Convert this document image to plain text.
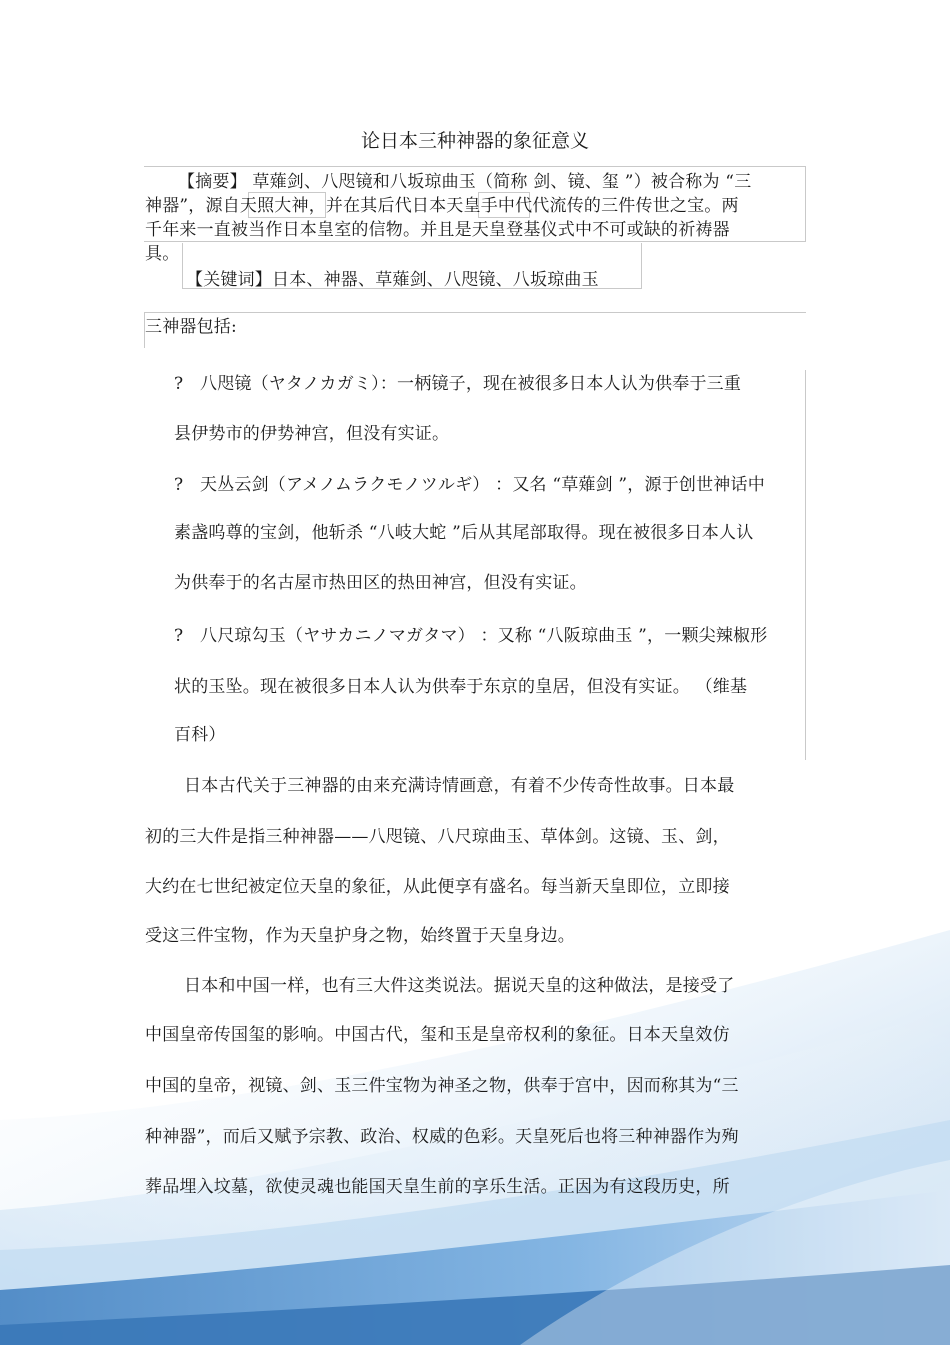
论日本三种神器的象征意义
【摘要】 草薙剑、八咫镜和八坂琼曲玉（简称 剑、镜、玺 ”）被合称为 “三
神器”，源自天照大神，并在其后代日本天皇手中代代流传的三件传世之宝。两
千年来一直被当作日本皇室的信物。并且是天皇登基仪式中不可或缺的祈祷器
具。
【关键词】日本、神器、草薙剑、八咫镜、八坂琼曲玉
三神器包括:
? 八咫镜（ヤタノカガミ）：一柄镜子，现在被很多日本人认为供奉于三重
县伊势市的伊势神宫，但没有实证。
? 天丛云剑（アメノムラクモノツルギ） ：又名 “草薙剑 ”，源于创世神话中
素盏呜尊的宝剑，他斩杀 “八岐大蛇 ”后从其尾部取得。现在被很多日本人认
为供奉于的名古屋市热田区的热田神宫，但没有实证。
? 八尺琼勾玉（ヤサカニノマガタマ） ：又称 “八阪琼曲玉 ”，一颗尖辣椒形
状的玉坠。现在被很多日本人认为供奉于东京的皇居，但没有实证。 （维基
百科）
日本古代关于三神器的由来充满诗情画意，有着不少传奇性故事。日本最
初的三大件是指三种神器——八咫镜、八尺琼曲玉、草体剑。这镜、玉、剑，
大约在七世纪被定位天皇的象征，从此便享有盛名。每当新天皇即位，立即接
受这三件宝物，作为天皇护身之物，始终置于天皇身边。
日本和中国一样，也有三大件这类说法。据说天皇的这种做法，是接受了
中国皇帝传国玺的影响。中国古代，玺和玉是皇帝权利的象征。日本天皇效仿
中国的皇帝，视镜、剑、玉三件宝物为神圣之物，供奉于宫中，因而称其为“三
种神器”，而后又赋予宗教、政治、权威的色彩。天皇死后也将三种神器作为殉
葬品埋入坟墓，欲使灵魂也能国天皇生前的享乐生活。正因为有这段历史，所
